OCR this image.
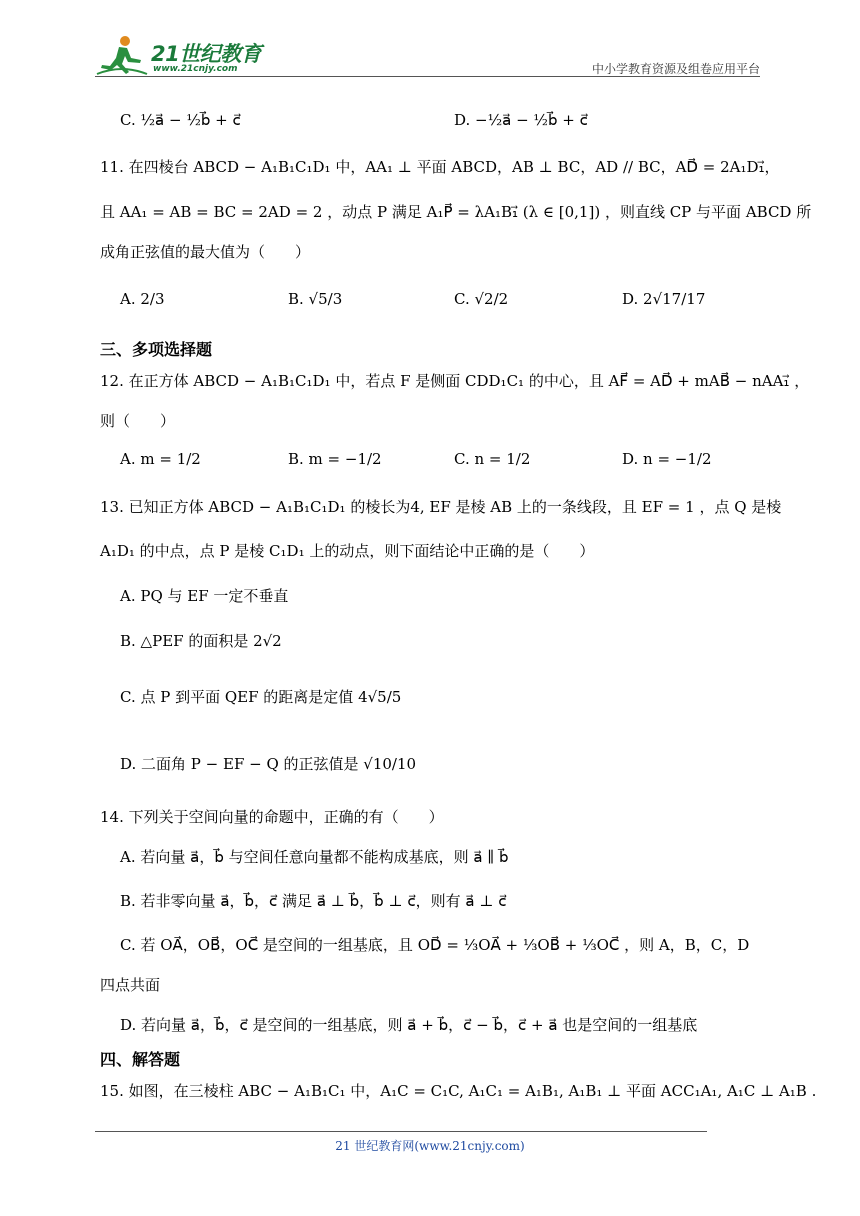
21世纪教育
www.21cnjy.com	中小学教育资源及组卷应用平台
C. ½a⃗ − ½b⃗ + c⃗	D. −½a⃗ − ½b⃗ + c⃗
11. 在四棱台 ABCD − A₁B₁C₁D₁ 中，AA₁ ⊥ 平面 ABCD，AB ⊥ BC，AD // BC，AD⃗ = 2A₁D₁⃗，
且 AA₁ = AB = BC = 2AD = 2 ，动点 P 满足 A₁P⃗ = λA₁B₁⃗ (λ ∈ [0,1]) ，则直线 CP 与平面 ABCD 所
成角正弦值的最大值为（　　）
A. 2/3	B. √5/3	C. √2/2	D. 2√17/17
三、多项选择题
12. 在正方体 ABCD − A₁B₁C₁D₁ 中，若点 F 是侧面 CDD₁C₁ 的中心，且 AF⃗ = AD⃗ + mAB⃗ − nAA₁⃗ ，
则（　　）
A. m = 1/2	B. m = −1/2	C. n = 1/2	D. n = −1/2
13. 已知正方体 ABCD − A₁B₁C₁D₁ 的棱长为4, EF 是棱 AB 上的一条线段，且 EF = 1 ，点 Q 是棱
A₁D₁ 的中点，点 P 是棱 C₁D₁ 上的动点，则下面结论中正确的是（　　）
A. PQ 与 EF 一定不垂直
B. △PEF 的面积是 2√2
C. 点 P 到平面 QEF 的距离是定值 4√5/5
D. 二面角 P − EF − Q 的正弦值是 √10/10
14. 下列关于空间向量的命题中，正确的有（　　）
A. 若向量 a⃗，b⃗ 与空间任意向量都不能构成基底，则 a⃗ ∥ b⃗
B. 若非零向量 a⃗，b⃗，c⃗ 满足 a⃗ ⊥ b⃗，b⃗ ⊥ c⃗，则有 a⃗ ⊥ c⃗
C. 若 OA⃗，OB⃗，OC⃗ 是空间的一组基底，且 OD⃗ = ⅓OA⃗ + ⅓OB⃗ + ⅓OC⃗ ，则 A，B，C，D
四点共面
D. 若向量 a⃗，b⃗，c⃗ 是空间的一组基底，则 a⃗ + b⃗，c⃗ − b⃗，c⃗ + a⃗ 也是空间的一组基底
四、解答题
15. 如图，在三棱柱 ABC − A₁B₁C₁ 中，A₁C = C₁C, A₁C₁ = A₁B₁, A₁B₁ ⊥ 平面 ACC₁A₁, A₁C ⊥ A₁B .
21 世纪教育网(www.21cnjy.com)
